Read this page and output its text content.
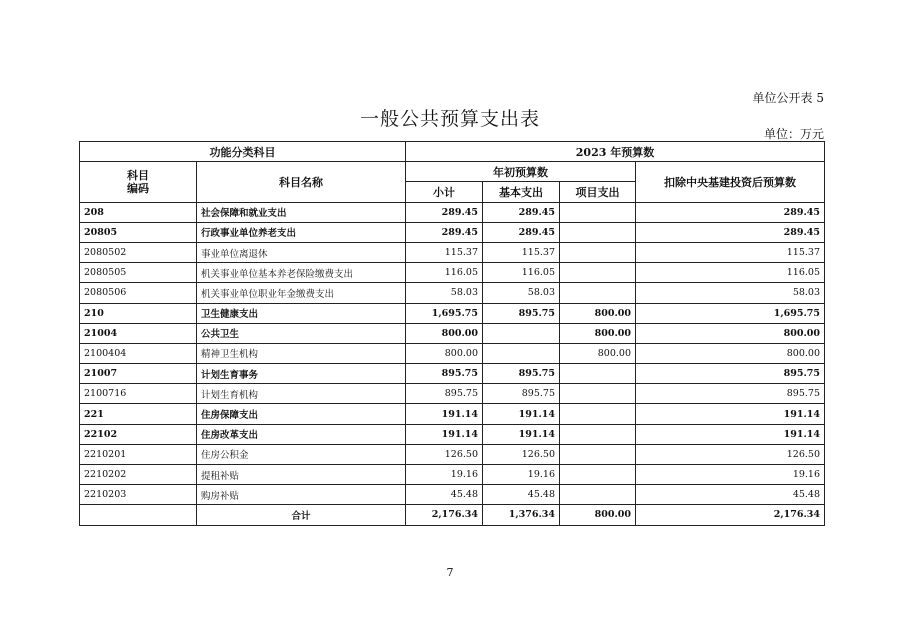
单位公开表 5
一般公共预算支出表
单位：万元
功能分类科目		2023 年预算数			
科目
编码	科目名称	年初预算数			扣除中央基建投资后预算数
		小计	基本支出	项目支出	
208	社会保障和就业支出	289.45	289.45		289.45
20805	行政事业单位养老支出	289.45	289.45		289.45
2080502	事业单位离退休	115.37	115.37		115.37
2080505	机关事业单位基本养老保险缴费支出	116.05	116.05		116.05
2080506	机关事业单位职业年金缴费支出	58.03	58.03		58.03
210	卫生健康支出	1,695.75	895.75	800.00	1,695.75
21004	公共卫生	800.00		800.00	800.00
2100404	精神卫生机构	800.00		800.00	800.00
21007	计划生育事务	895.75	895.75		895.75
2100716	计划生育机构	895.75	895.75		895.75
221	住房保障支出	191.14	191.14		191.14
22102	住房改革支出	191.14	191.14		191.14
2210201	住房公积金	126.50	126.50		126.50
2210202	提租补贴	19.16	19.16		19.16
2210203	购房补贴	45.48	45.48		45.48
	合计	2,176.34	1,376.34	800.00	2,176.34
7
